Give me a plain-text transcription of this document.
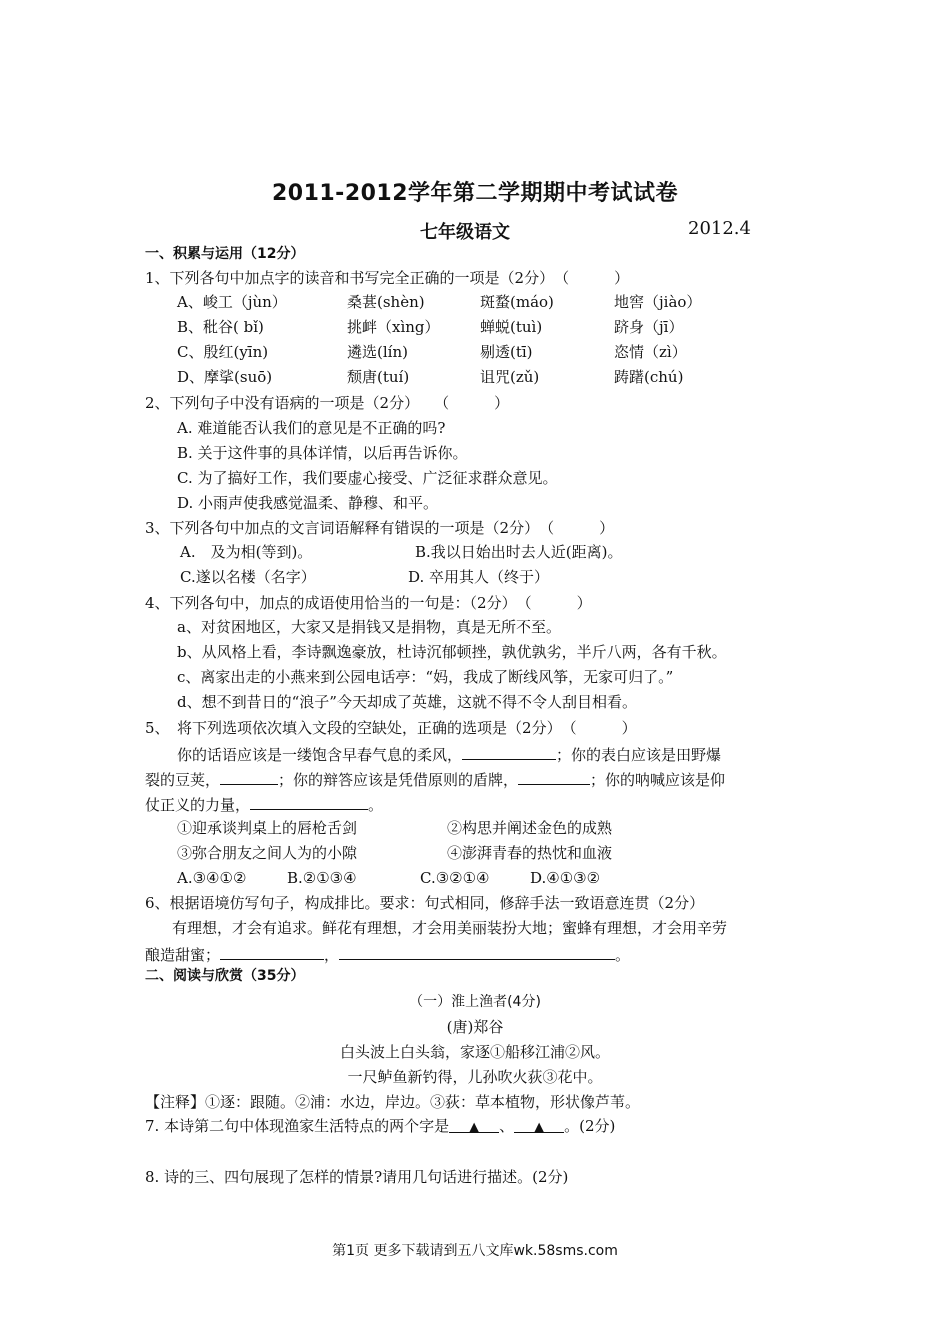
2011-2012学年第二学期期中考试试卷
七年级语文	2012.4
一、积累与运用（12分）
1、下列各句中加点字的读音和书写完全正确的一项是（2分）　（　　　）
A、峻工（jùn）	桑葚(shèn)	斑蝥(máo)	地窖（jiào）
B、秕谷( bǐ)	挑衅（xìng）	蝉蜕(tuì)	跻身（jī）
C、殷红(yīn)	遴选(lín)	剔透(tī)	恣情（zì）
D、摩挲(suō)	颓唐(tuí)	诅咒(zǔ)	踌躇(chú)
2、下列句子中没有语病的一项是（2分）　　（　　　）
A. 难道能否认我们的意见是不正确的吗?
B. 关于这件事的具体详情，以后再告诉你。
C. 为了搞好工作，我们要虚心接受、广泛征求群众意见。
D. 小雨声使我感觉温柔、静穆、和平。
3、下列各句中加点的文言词语解释有错误的一项是（2分）　（　　　）
A.　及为相(等到)。	B.我以日始出时去人近(距离)。
C.遂以名楼（名字）	D. 卒用其人（终于）
4、下列各句中，加点的成语使用恰当的一句是：（2分）　（　　　）
a、对贫困地区，大家又是捐钱又是捐物，真是无所不至。
b、从风格上看，李诗飘逸豪放，杜诗沉郁顿挫，孰优孰劣，半斤八两，各有千秋。
c、离家出走的小燕来到公园电话亭：“妈，我成了断线风筝，无家可归了。”
d、想不到昔日的“浪子”今天却成了英雄，这就不得不令人刮目相看。
5、　将下列选项依次填入文段的空缺处，正确的选项是（2分）　（　　　）
你的话语应该是一缕饱含早春气息的柔风，	；你的表白应该是田野爆
裂的豆荚，	；你的辩答应该是凭借原则的盾牌，	；你的呐喊应该是仰
仗正义的力量，	。
①迎承谈判桌上的唇枪舌剑	②构思并阐述金色的成熟
③弥合朋友之间人为的小隙	④澎湃青春的热忱和血液
A.③④①②	B.②①③④	C.③②①④	D.④①③②
6、根据语境仿写句子，构成排比。要求：句式相同，修辞手法一致语意连贯（2分）
有理想，才会有追求。鲜花有理想，才会用美丽装扮大地；蜜蜂有理想，才会用辛劳
酿造甜蜜；	，	。
二、阅读与欣赏（35分）
（一）淮上渔者(4分)
(唐)郑谷
白头波上白头翁，家逐①船移江浦②风。
一尺鲈鱼新钓得，儿孙吹火荻③花中。
【注释】①逐：跟随。②浦：水边，岸边。③荻：草本植物，形状像芦苇。
7. 本诗第二句中体现渔家生活特点的两个字是 ▲ 、 ▲ 。(2分)
8. 诗的三、四句展现了怎样的情景?请用几句话进行描述。(2分)
第1页 更多下载请到五八文库wk.58sms.com
